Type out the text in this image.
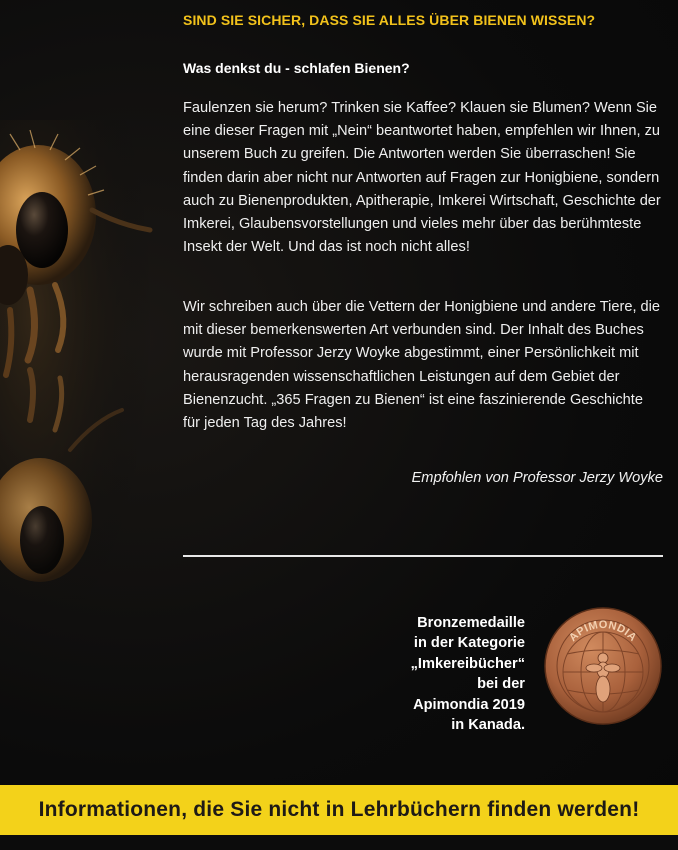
SIND SIE SICHER, DASS SIE ALLES ÜBER BIENEN WISSEN?
Was denkst du - schlafen Bienen?
Faulenzen sie herum? Trinken sie Kaffee? Klauen sie Blumen? Wenn Sie eine dieser Fragen mit „Nein“ beantwortet haben, empfehlen wir Ihnen, zu unserem Buch zu greifen. Die Antworten werden Sie überraschen! Sie finden darin aber nicht nur Antworten auf Fragen zur Honigbiene, sondern auch zu Bienenprodukten, Apitherapie, Imkerei Wirtschaft, Geschichte der Imkerei, Glaubensvorstellungen und vieles mehr über das berühmteste Insekt der Welt. Und das ist noch nicht alles!
Wir schreiben auch über die Vettern der Honigbiene und andere Tiere, die mit dieser bemerkenswerten Art verbunden sind. Der Inhalt des Buches wurde mit Professor Jerzy Woyke abgestimmt, einer Persönlichkeit mit herausragenden wissenschaftlichen Leistungen auf dem Gebiet der Bienenzucht. „365 Fragen zu Bienen“ ist eine faszinierende Geschichte für jeden Tag des Jahres!
Empfohlen von Professor Jerzy Woyke
Bronzemedaille
in der Kategorie
„Imkereibücher“
bei der
Apimondia 2019
in Kanada.
APIMONDIA
Informationen, die Sie nicht in Lehrbüchern finden werden!
